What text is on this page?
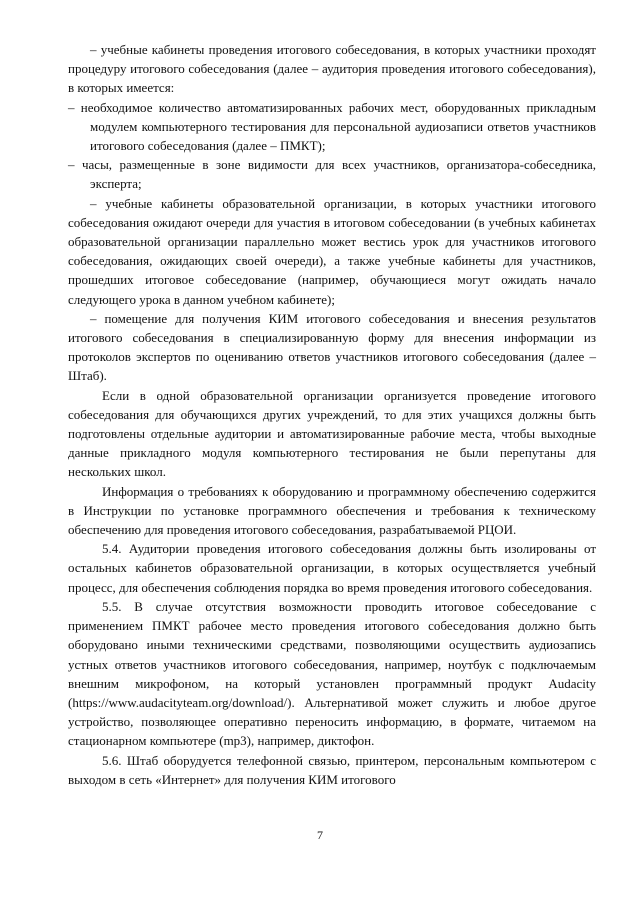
– учебные кабинеты проведения итогового собеседования, в которых участники проходят процедуру итогового собеседования (далее – аудитория проведения итогового собеседования), в которых имеется:

– необходимое количество автоматизированных рабочих мест, оборудованных прикладным модулем компьютерного тестирования для персональной аудиозаписи ответов участников итогового собеседования (далее – ПМКТ);

– часы, размещенные в зоне видимости для всех участников, организатора-собеседника, эксперта;

– учебные кабинеты образовательной организации, в которых участники итогового собеседования ожидают очереди для участия в итоговом собеседовании (в учебных кабинетах образовательной организации параллельно может вестись урок для участников итогового собеседования, ожидающих своей очереди), а также учебные кабинеты для участников, прошедших итоговое собеседование (например, обучающиеся могут ожидать начало следующего урока в данном учебном кабинете);

– помещение для получения КИМ итогового собеседования и внесения результатов итогового собеседования в специализированную форму для внесения информации из протоколов экспертов по оцениванию ответов участников итогового собеседования (далее – Штаб).

Если в одной образовательной организации организуется проведение итогового собеседования для обучающихся других учреждений, то для этих учащихся должны быть подготовлены отдельные аудитории и автоматизированные рабочие места, чтобы выходные данные прикладного модуля компьютерного тестирования не были перепутаны для нескольких школ.

Информация о требованиях к оборудованию и программному обеспечению содержится в Инструкции по установке программного обеспечения и требования к техническому обеспечению для проведения итогового собеседования, разрабатываемой РЦОИ.

5.4. Аудитории проведения итогового собеседования должны быть изолированы от остальных кабинетов образовательной организации, в которых осуществляется учебный процесс, для обеспечения соблюдения порядка во время проведения итогового собеседования.

5.5. В случае отсутствия возможности проводить итоговое собеседование с применением ПМКТ рабочее место проведения итогового собеседования должно быть оборудовано иными техническими средствами, позволяющими осуществить аудиозапись устных ответов участников итогового собеседования, например, ноутбук с подключаемым внешним микрофоном, на который установлен программный продукт Audacity (https://www.audacityteam.org/download/). Альтернативой может служить и любое другое устройство, позволяющее оперативно переносить информацию, в формате, читаемом на стационарном компьютере (mp3), например, диктофон.

5.6. Штаб оборудуется телефонной связью, принтером, персональным компьютером с выходом в сеть «Интернет» для получения КИМ итогового

7
